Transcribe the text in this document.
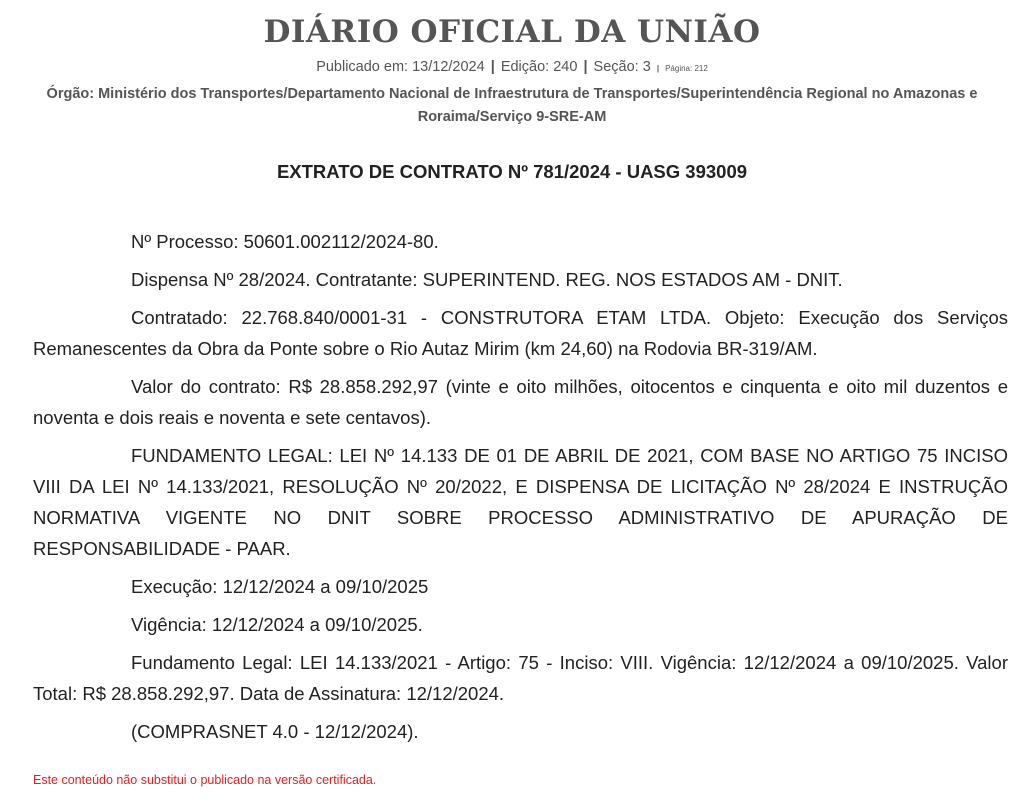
DIÁRIO OFICIAL DA UNIÃO
Publicado em: 13/12/2024 | Edição: 240 | Seção: 3 | Página: 212
Órgão: Ministério dos Transportes/Departamento Nacional de Infraestrutura de Transportes/Superintendência Regional no Amazonas e Roraima/Serviço 9-SRE-AM
EXTRATO DE CONTRATO Nº 781/2024 - UASG 393009

Nº Processo: 50601.002112/2024-80.

Dispensa Nº 28/2024. Contratante: SUPERINTEND. REG. NOS ESTADOS AM - DNIT.

Contratado: 22.768.840/0001-31 - CONSTRUTORA ETAM LTDA. Objeto: Execução dos Serviços Remanescentes da Obra da Ponte sobre o Rio Autaz Mirim (km 24,60) na Rodovia BR-319/AM.

Valor do contrato: R$ 28.858.292,97 (vinte e oito milhões, oitocentos e cinquenta e oito mil duzentos e noventa e dois reais e noventa e sete centavos).

FUNDAMENTO LEGAL: LEI Nº 14.133 DE 01 DE ABRIL DE 2021, COM BASE NO ARTIGO 75 INCISO VIII DA LEI Nº 14.133/2021, RESOLUÇÃO Nº 20/2022, E DISPENSA DE LICITAÇÃO Nº 28/2024 E INSTRUÇÃO NORMATIVA VIGENTE NO DNIT SOBRE PROCESSO ADMINISTRATIVO DE APURAÇÃO DE RESPONSABILIDADE - PAAR.

Execução: 12/12/2024 a 09/10/2025

Vigência: 12/12/2024 a 09/10/2025.

Fundamento Legal: LEI 14.133/2021 - Artigo: 75 - Inciso: VIII. Vigência: 12/12/2024 a 09/10/2025. Valor Total: R$ 28.858.292,97. Data de Assinatura: 12/12/2024.

(COMPRASNET 4.0 - 12/12/2024).

Este conteúdo não substitui o publicado na versão certificada.
